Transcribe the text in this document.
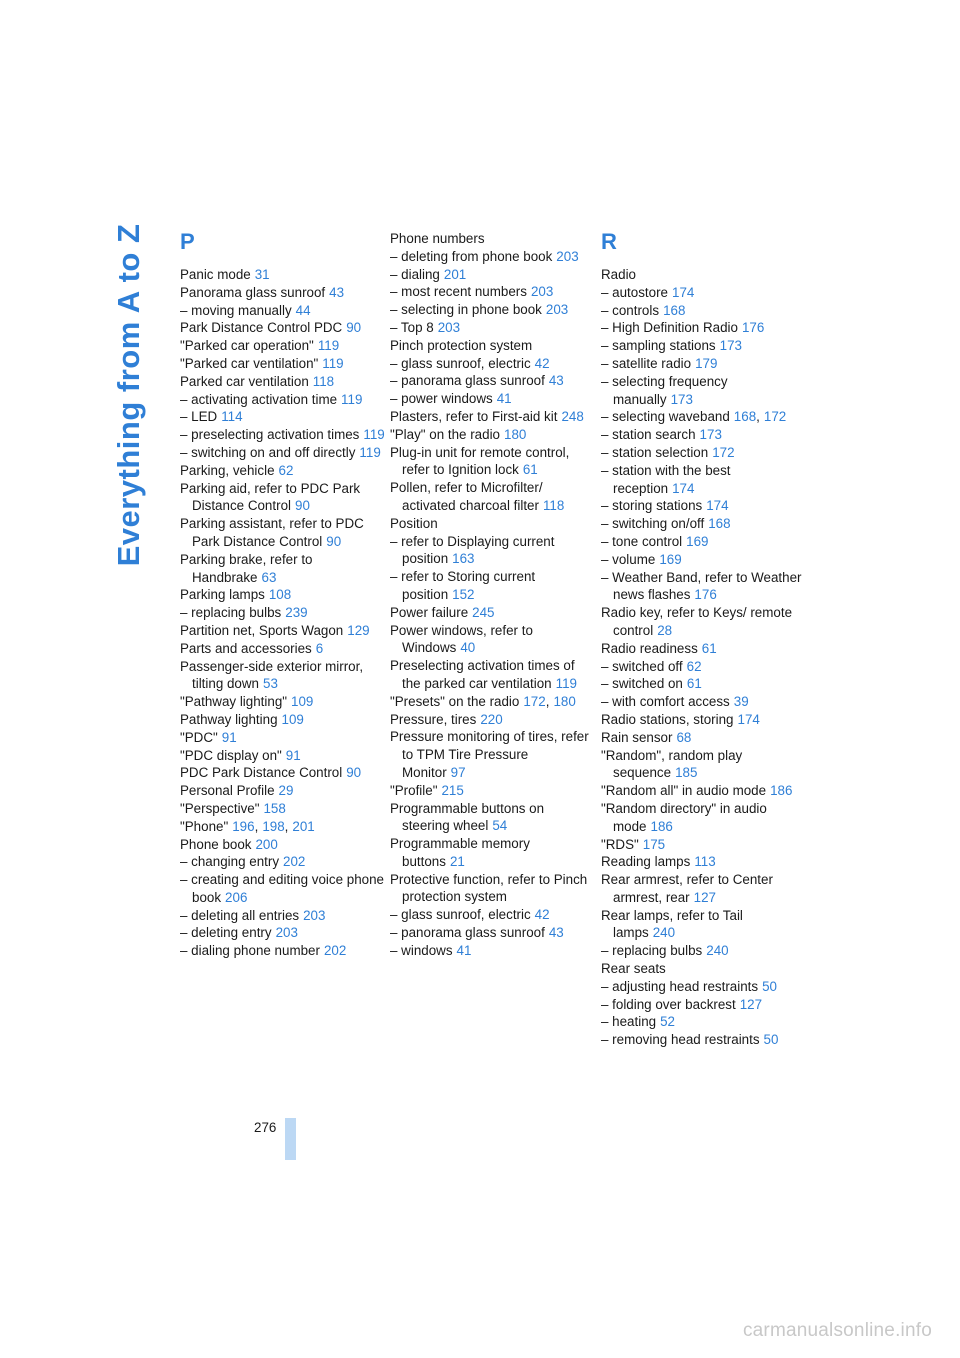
Everything from A to Z P
Panic mode 31
Panorama glass sunroof 43
– moving manually 44
Park Distance Control PDC 90
"Parked car operation" 119
"Parked car ventilation" 119
Parked car ventilation 118
– activating activation time 119
– LED 114
– preselecting activation times 119
– switching on and off directly 119
Parking, vehicle 62
Parking aid, refer to PDC Park Distance Control 90
Parking assistant, refer to PDC Park Distance Control 90
Parking brake, refer to Handbrake 63
Parking lamps 108
– replacing bulbs 239
Partition net, Sports Wagon 129
Parts and accessories 6
Passenger-side exterior mirror, tilting down 53
"Pathway lighting" 109
Pathway lighting 109
"PDC" 91
"PDC display on" 91
PDC Park Distance Control 90
Personal Profile 29
"Perspective" 158
"Phone" 196, 198, 201
Phone book 200
– changing entry 202
– creating and editing voice phone book 206
– deleting all entries 203
– deleting entry 203
– dialing phone number 202
Phone numbers
– deleting from phone book 203
– dialing 201
– most recent numbers 203
– selecting in phone book 203
– Top 8 203
Pinch protection system
– glass sunroof, electric 42
– panorama glass sunroof 43
– power windows 41
Plasters, refer to First-aid kit 248
"Play" on the radio 180
Plug-in unit for remote control, refer to Ignition lock 61
Pollen, refer to Microfilter/ activated charcoal filter 118
Position
– refer to Displaying current position 163
– refer to Storing current position 152
Power failure 245
Power windows, refer to Windows 40
Preselecting activation times of the parked car ventilation 119
"Presets" on the radio 172, 180
Pressure, tires 220
Pressure monitoring of tires, refer to TPM Tire Pressure Monitor 97
"Profile" 215
Programmable buttons on steering wheel 54
Programmable memory buttons 21
Protective function, refer to Pinch protection system
– glass sunroof, electric 42
– panorama glass sunroof 43
– windows 41
R
Radio
– autostore 174
– controls 168
– High Definition Radio 176
– sampling stations 173
– satellite radio 179
– selecting frequency manually 173
– selecting waveband 168, 172
– station search 173
– station selection 172
– station with the best reception 174
– storing stations 174
– switching on/off 168
– tone control 169
– volume 169
– Weather Band, refer to Weather news flashes 176
Radio key, refer to Keys/ remote control 28
Radio readiness 61
– switched off 62
– switched on 61
– with comfort access 39
Radio stations, storing 174
Rain sensor 68
"Random", random play sequence 185
"Random all" in audio mode 186
"Random directory" in audio mode 186
"RDS" 175
Reading lamps 113
Rear armrest, refer to Center armrest, rear 127
Rear lamps, refer to Tail lamps 240
– replacing bulbs 240
Rear seats
– adjusting head restraints 50
– folding over backrest 127
– heating 52
– removing head restraints 50
276
carmanualsonline.info
